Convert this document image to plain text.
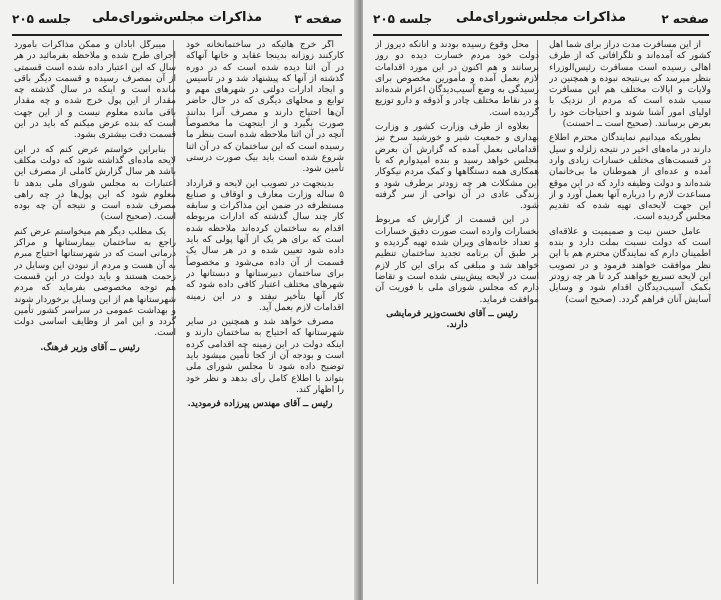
صفحه ۳
مذاکرات مجلس‌شورای‌ملی
جلسه ۲۰۵

اگر خرج هائیکه در ساختمانخانه خود کارکنند زوزانه بدینجا عقاید و خانها آنها‌که در آن اثنا دیده شده است که در دوره گذشته از آنها که پیشنهاد شد و در تأسیس و ایجاد ادارات دولتی در شهرهای مهم و توابع و محلهای دیگری که در حال حاضر آن‌ها احتیاج دارند و مصرف آنرا بدانند صورت بگیرد و از اینجهت ما مخصوصاً آنچه در آن اثنا ملاحظه شده است بنظر ما رسیده است که این ساختمان که در آن اثنا شروع شده است باید بیک صورت درستی تأمین شود.

بدینجهت در تصویب این لایحه و قرارداد ۵ ساله وزارت معارف و اوقاف و صنایع مستظرفه در ضمن این مذاکرات و سابقه کار چند سال گذشته که ادارات مربوطه اقدام به ساختمان کرده‌اند ملاحظه شده است که برای هر یک از آنها پولی که باید داده شود تعیین شده و در هر سال یک قسمت از آن داده می‌شود و مخصوصاً برای ساختمان دبیرستانها و دبستانها در شهرهای مختلف اعتبار کافی داده شود که کار آنها بتأخیر نیفتد و در این زمینه اقدامات لازم بعمل آید.

مصرف خواهد شد و همچنین در سایر شهرستانها که احتیاج به ساختمان دارند و اینکه دولت در این زمینه چه اقدامی کرده است و بودجه آن از کجا تأمین میشود باید توضیح داده شود تا مجلس شورای ملی بتواند با اطلاع کامل رأی بدهد و نظر خود را اظهار کند.

رئیس ــ آقای مهندس پیرزاده فرمودید.

میبرگل آبادان و ممکن مذاکرات بامورد اجرای طرح شده و ملاحظه بفرمائید در هر سال که این اعتبار داده شده است قسمتی از آن بمصرف رسیده و قسمت دیگر باقی مانده است و اینکه در سال گذشته چه مقدار از این پول خرج شده و چه مقدار باقی مانده معلوم نیست و از این جهت است که بنده عرض میکنم که باید در این قسمت دقت بیشتری بشود.

بنابراین خواستم عرض کنم که در این لایحه ماده‌ای گذاشته شود که دولت مکلف باشد هر سال گزارش کاملی از مصرف این اعتبارات به مجلس شورای ملی بدهد تا معلوم شود که این پول‌ها در چه راهی مصرف شده است و نتیجه آن چه بوده است. (صحیح است)

یک مطلب دیگر هم میخواستم عرض کنم راجع به ساختمان بیمارستانها و مراکز درمانی است که در شهرستانها احتیاج مبرم به آن هست و مردم از نبودن این وسایل در زحمت هستند و باید دولت در این قسمت هم توجه مخصوصی بفرماید که مردم شهرستانها هم از این وسایل برخوردار شوند و بهداشت عمومی در سراسر کشور تأمین گردد و این امر از وظایف اساسی دولت است.

رئیس ــ آقای وزیر فرهنگ.

صفحه ۲
مذاکرات مجلس‌شورای‌ملی
جلسه ۲۰۵

از این مسافرت مدت دراز برای شما اهل کشور که آمده‌اند و تلگرافاتی که از طرف اهالی رسیده است مسافرت رئیس‌الوزراء بنظر میرسد که بی‌نتیجه نبوده و همچنین در ولایات و ایالات مختلف هم این مسافرت سبب شده است که مردم از نزدیک با اولیای امور آشنا شوند و احتیاجات خود را بعرض برسانند. (صحیح است ــ احسنت)

بطوریکه میدانیم نمایندگان محترم اطلاع دارند در ماه‌های اخیر در نتیجه زلزله و سیل در قسمت‌های مختلف خسارات زیادی وارد آمده و عده‌ای از هموطنان ما بی‌خانمان شده‌اند و دولت وظیفه دارد که در این موقع مساعدت لازم را درباره آنها بعمل آورد و از این جهت لایحه‌ای تهیه شده که تقدیم مجلس گردیده است.

عامل حسن نیت و صمیمیت و علاقه‌ای است که دولت نسبت بملت دارد و بنده اطمینان دارم که نمایندگان محترم هم با این نظر موافقت خواهند فرمود و در تصویب این لایحه تسریع خواهند کرد تا هر چه زودتر بکمک آسیب‌دیدگان اقدام شود و وسایل آسایش آنان فراهم گردد. (صحیح است)

محل وقوع رسیده بودند و آنانکه دیروز از دولت خود مردم خسارت دیده دو روز برسانند و هم اکنون در این مورد اقدامات لازم بعمل آمده و مأمورین مخصوص برای رسیدگی به وضع آسیب‌دیدگان اعزام شده‌اند و در نقاط مختلف چادر و آذوقه و دارو توزیع گردیده است.

بعلاوه از طرف وزارت کشور و وزارت بهداری و جمعیت شیر و خورشید سرخ نیز اقداماتی بعمل آمده که گزارش آن بعرض مجلس خواهد رسید و بنده امیدوارم که با همکاری همه دستگاهها و کمک مردم نیکوکار این مشکلات هر چه زودتر برطرف شود و زندگی عادی در آن نواحی از سر گرفته شود.

در این قسمت از گزارش که مربوط بخسارات وارده است صورت دقیق خسارات و تعداد خانه‌های ویران شده تهیه گردیده و بر طبق آن برنامه تجدید ساختمان تنظیم خواهد شد و مبلغی که برای این کار لازم است در لایحه پیش‌بینی شده است و تقاضا دارم که مجلس شورای ملی با فوریت آن موافقت فرماید.

رئیس ــ آقای نخست‌وزیر فرمایشی دارند.
